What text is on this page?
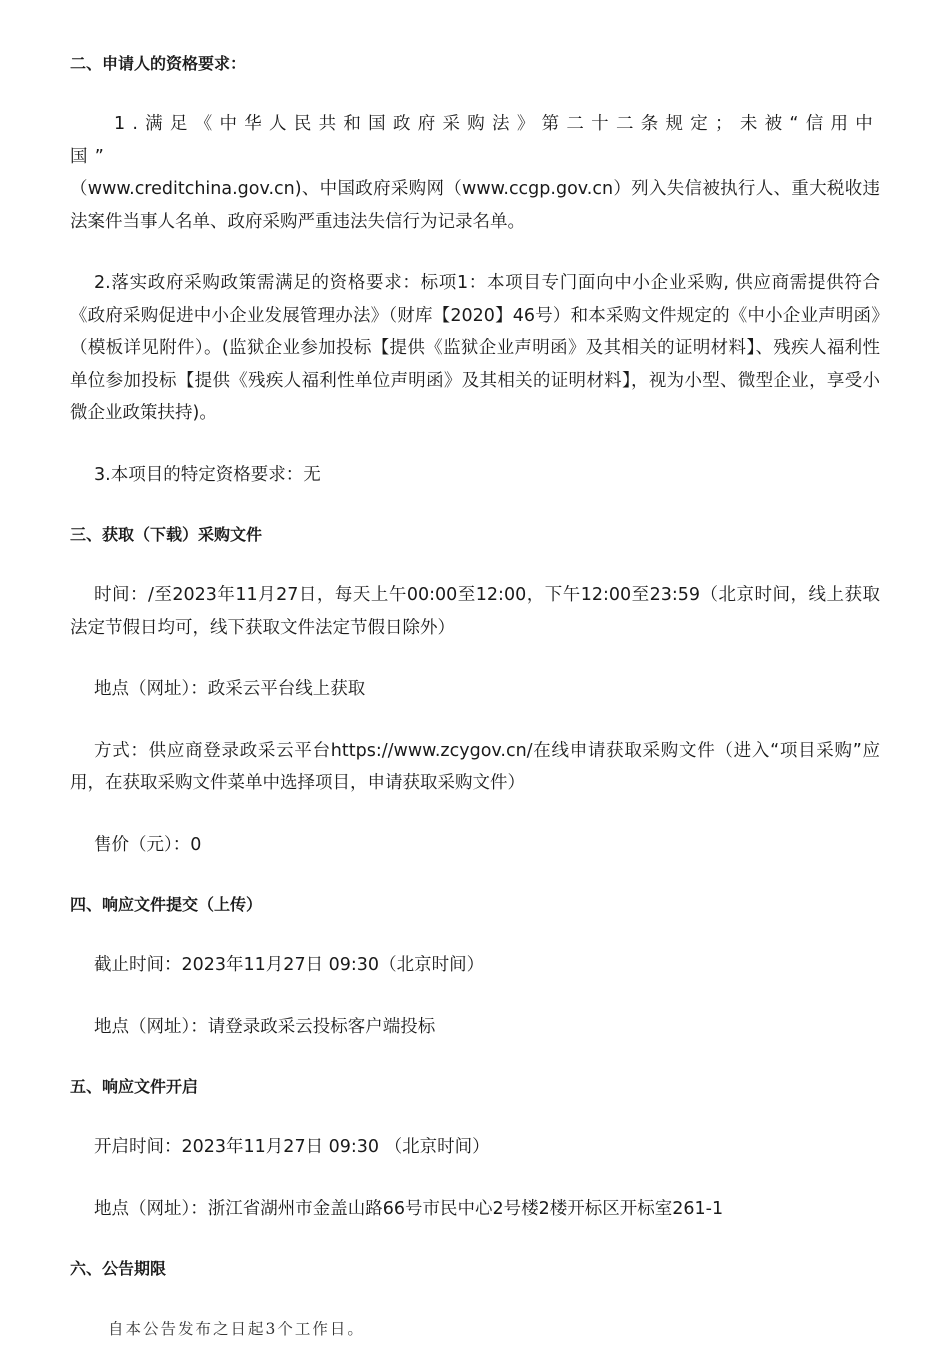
二、申请人的资格要求：

1.满足《中华人民共和国政府采购法》第二十二条规定；未被“信用中国”

（www.creditchina.gov.cn)、中国政府采购网（www.ccgp.gov.cn）列入失信被执行人、重大税收违法案件当事人名单、政府采购严重违法失信行为记录名单。

2.落实政府采购政策需满足的资格要求：标项1：本项目专门面向中小企业采购, 供应商需提供符合《政府采购促进中小企业发展管理办法》（财库【2020】46号）和本采购文件规定的《中小企业声明函》（模板详见附件）。(监狱企业参加投标【提供《监狱企业声明函》及其相关的证明材料】、残疾人福利性单位参加投标【提供《残疾人福利性单位声明函》及其相关的证明材料】，视为小型、微型企业，享受小微企业政策扶持)。

3.本项目的特定资格要求：无

三、获取（下载）采购文件

时间：/至2023年11月27日，每天上午00:00至12:00，下午12:00至23:59（北京时间，线上获取法定节假日均可，线下获取文件法定节假日除外）

地点（网址）：政采云平台线上获取

方式：供应商登录政采云平台https://www.zcygov.cn/在线申请获取采购文件（进入“项目采购”应用，在获取采购文件菜单中选择项目，申请获取采购文件）

售价（元）：0

四、响应文件提交（上传）

截止时间：2023年11月27日 09:30（北京时间）

地点（网址）：请登录政采云投标客户端投标

五、响应文件开启

开启时间：2023年11月27日 09:30 （北京时间）

地点（网址）：浙江省湖州市金盖山路66号市民中心2号楼2楼开标区开标室261-1

六、公告期限

自本公告发布之日起3个工作日。
